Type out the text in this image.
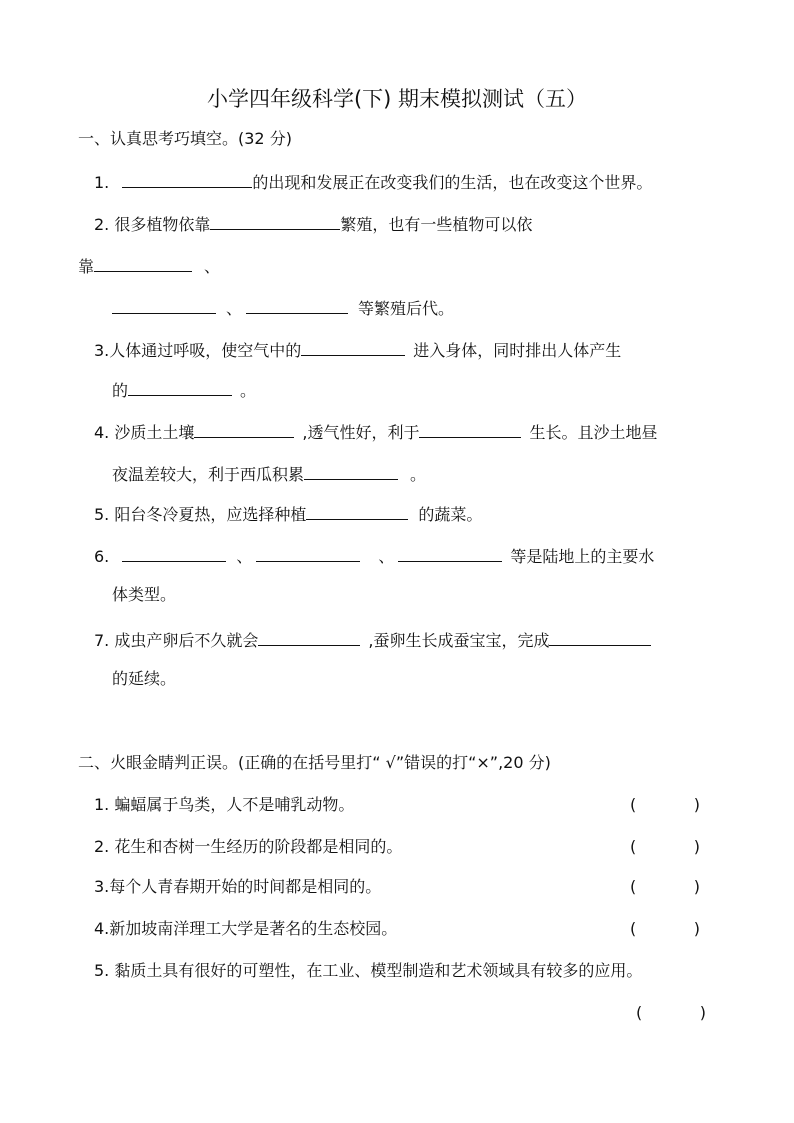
小学四年级科学(下) 期末模拟测试（五）
一、认真思考巧填空。(32 分)
1.	的出现和发展正在改变我们的生活，也在改变这个世界。
2. 很多植物依靠	繁殖，也有一些植物可以依
靠	、
、	等繁殖后代。
3.人体通过呼吸，使空气中的	进入身体，同时排出人体产生
的	。
4. 沙质土土壤	,透气性好，利于	生长。且沙土地昼
夜温差较大，利于西瓜积累	。
5. 阳台冬冷夏热，应选择种植	的蔬菜。
6.	、	、	等是陆地上的主要水
体类型。
7. 成虫产卵后不久就会	,蚕卵生长成蚕宝宝，完成
的延续。
二、火眼金睛判正误。(正确的在括号里打“ √”错误的打“×”,20 分)
1. 蝙蝠属于鸟类，人不是哺乳动物。	(	)
2. 花生和杏树一生经历的阶段都是相同的。	(	)
3.每个人青春期开始的时间都是相同的。	(	)
4.新加坡南洋理工大学是著名的生态校园。	(	)
5. 黏质土具有很好的可塑性，在工业、模型制造和艺术领域具有较多的应用。
(	)
